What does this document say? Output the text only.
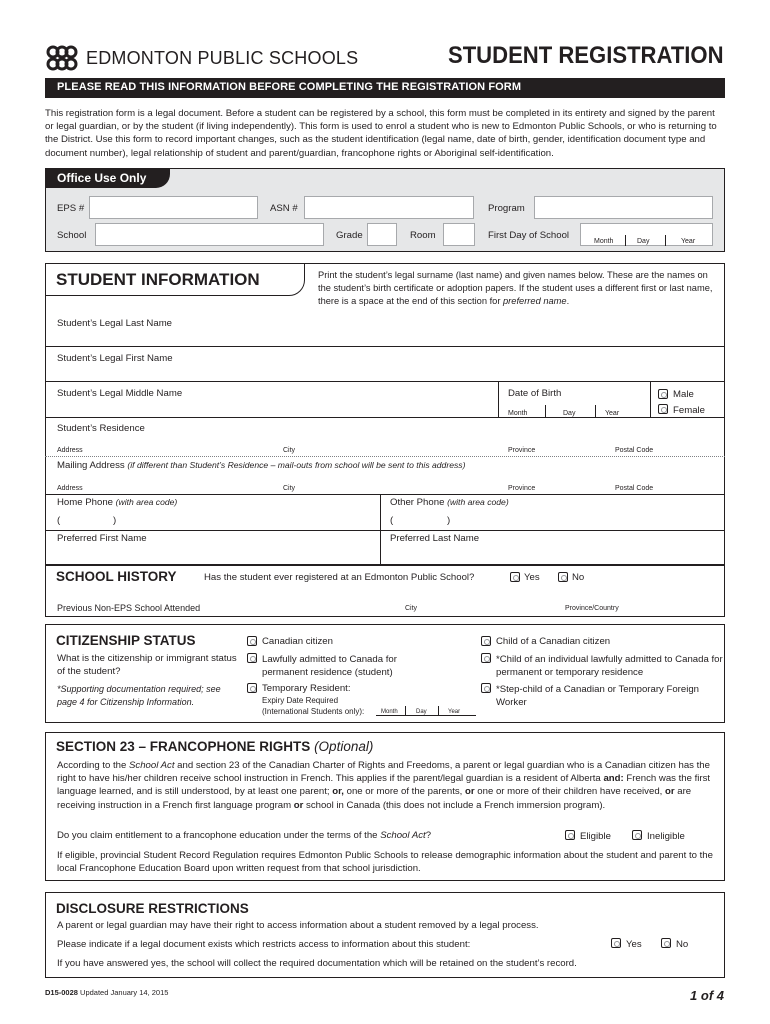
EDMONTON PUBLIC SCHOOLS	STUDENT REGISTRATION
PLEASE READ THIS INFORMATION BEFORE COMPLETING THE REGISTRATION FORM
This registration form is a legal document. Before a student can be registered by a school, this form must be completed in its entirety and signed by the parent or legal guardian, or by the student (if living independently). This form is used to enrol a student who is new to Edmonton Public Schools, or who is returning to the District. Use this form to record important changes, such as the student identification (legal name, date of birth, gender, identification document type and document number), legal relationship of student and parent/guardian, francophone rights or Aboriginal self-identification.
Office Use Only
EPS #	ASN #	Program
School	Grade	Room	First Day of School
Month	Day	Year
STUDENT INFORMATION	Print the student’s legal surname (last name) and given names below. These are the names on the student’s birth certificate or adoption papers. If the student uses a different first or last name, there is a space at the end of this section for preferred name.
Student’s Legal Last Name
Student’s Legal First Name
Student’s Legal Middle Name	Date of Birth
Month	Day	Year
Male
Female
Student’s Residence
Address	City	Province	Postal Code
Mailing Address (if different than Student’s Residence – mail-outs from school will be sent to this address)
Address	City	Province	Postal Code
Home Phone (with area code)
(	)
Other Phone (with area code)
(	)
Preferred First Name	Preferred Last Name
SCHOOL HISTORY	Has the student ever registered at an Edmonton Public School?	Yes	No
Previous Non-EPS School Attended	City	Province/Country
CITIZENSHIP STATUS
What is the citizenship or immigrant status of the student?
*Supporting documentation required; see page 4 for Citizenship Information.
Canadian citizen
Lawfully admitted to Canada for permanent residence (student)
Temporary Resident:
Expiry Date Required
(International Students only):	Month	Day	Year
Child of a Canadian citizen
*Child of an individual lawfully admitted to Canada for permanent or temporary residence
*Step-child of a Canadian or Temporary Foreign Worker
SECTION 23 – FRANCOPHONE RIGHTS (Optional)
According to the School Act and section 23 of the Canadian Charter of Rights and Freedoms, a parent or legal guardian who is a Canadian citizen has the right to have his/her children receive school instruction in French. This applies if the parent/legal guardian is a resident of Alberta and: French was the first language learned, and is still understood, by at least one parent; or, one or more of the parents, or one or more of their children have received, or are receiving instruction in a French first language program or school in Canada (this does not include a French immersion program).
Do you claim entitlement to a francophone education under the terms of the School Act?	Eligible	Ineligible
If eligible, provincial Student Record Regulation requires Edmonton Public Schools to release demographic information about the student and parent to the local Francophone Education Board upon written request from that school jurisdiction.
DISCLOSURE RESTRICTIONS
A parent or legal guardian may have their right to access information about a student removed by a legal process.
Please indicate if a legal document exists which restricts access to information about this student:	Yes	No
If you have answered yes, the school will collect the required documentation which will be retained on the student’s record.
D15-0028 Updated January 14, 2015	1 of 4
